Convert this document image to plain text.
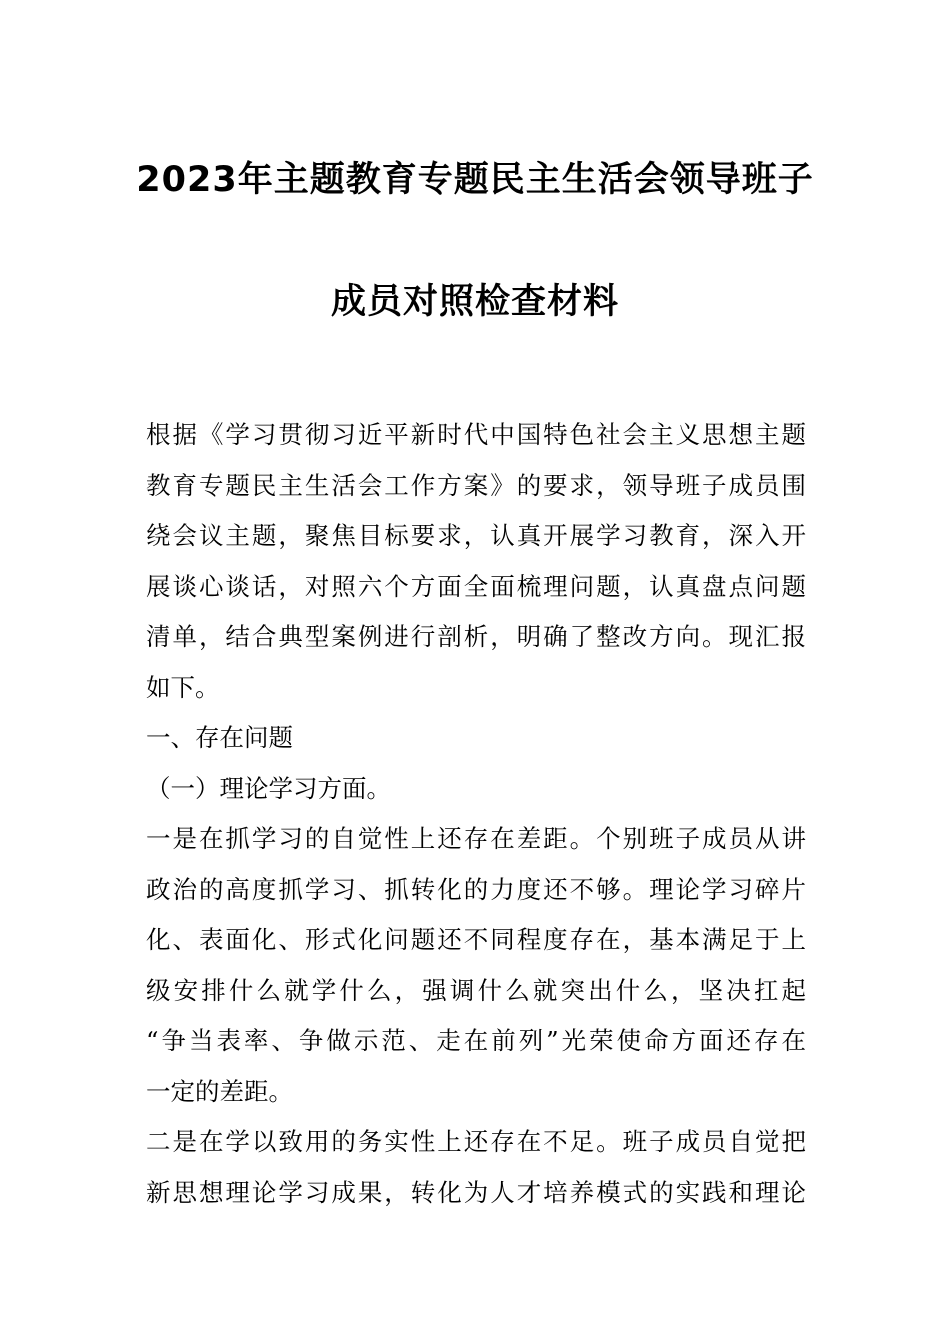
2023年主题教育专题民主生活会领导班子
成员对照检查材料
根据《学习贯彻习近平新时代中国特色社会主义思想主题
教育专题民主生活会工作方案》的要求，领导班子成员围
绕会议主题，聚焦目标要求，认真开展学习教育，深入开
展谈心谈话，对照六个方面全面梳理问题，认真盘点问题
清单，结合典型案例进行剖析，明确了整改方向。现汇报
如下。
一、存在问题
（一）理论学习方面。
一是在抓学习的自觉性上还存在差距。个别班子成员从讲
政治的高度抓学习、抓转化的力度还不够。理论学习碎片
化、表面化、形式化问题还不同程度存在，基本满足于上
级安排什么就学什么，强调什么就突出什么，坚决扛起
“争当表率、争做示范、走在前列”光荣使命方面还存在
一定的差距。
二是在学以致用的务实性上还存在不足。班子成员自觉把
新思想理论学习成果，转化为人才培养模式的实践和理论
